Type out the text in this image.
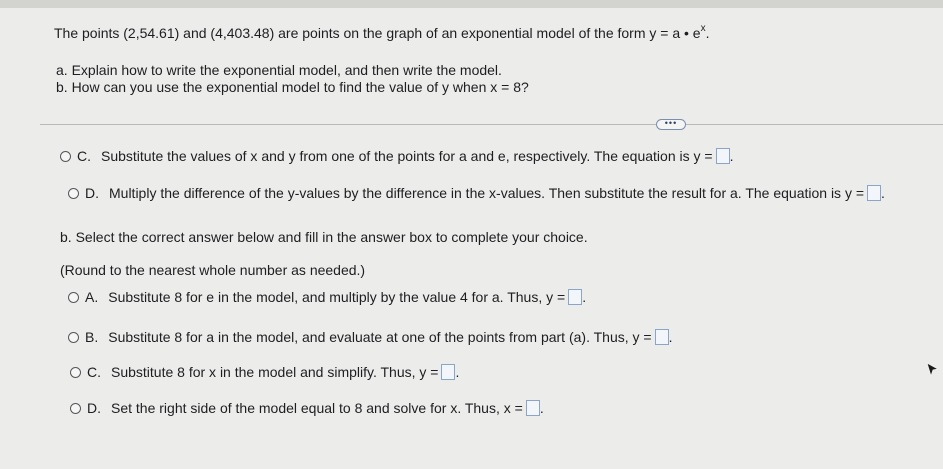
The points (2,54.61) and (4,403.48) are points on the graph of an exponential model of the form y = a • $e^x$.
a. Explain how to write the exponential model, and then write the model.
b. How can you use the exponential model to find the value of y when x = 8?
•••
C. Substitute the values of x and y from one of the points for a and e, respectively. The equation is y = .
D. Multiply the difference of the y-values by the difference in the x-values. Then substitute the result for a. The equation is y = .
b. Select the correct answer below and fill in the answer box to complete your choice.
(Round to the nearest whole number as needed.)
A. Substitute 8 for e in the model, and multiply by the value 4 for a. Thus, y = .
B. Substitute 8 for a in the model, and evaluate at one of the points from part (a). Thus, y = .
C. Substitute 8 for x in the model and simplify. Thus, y = .
D. Set the right side of the model equal to 8 and solve for x. Thus, x = .
